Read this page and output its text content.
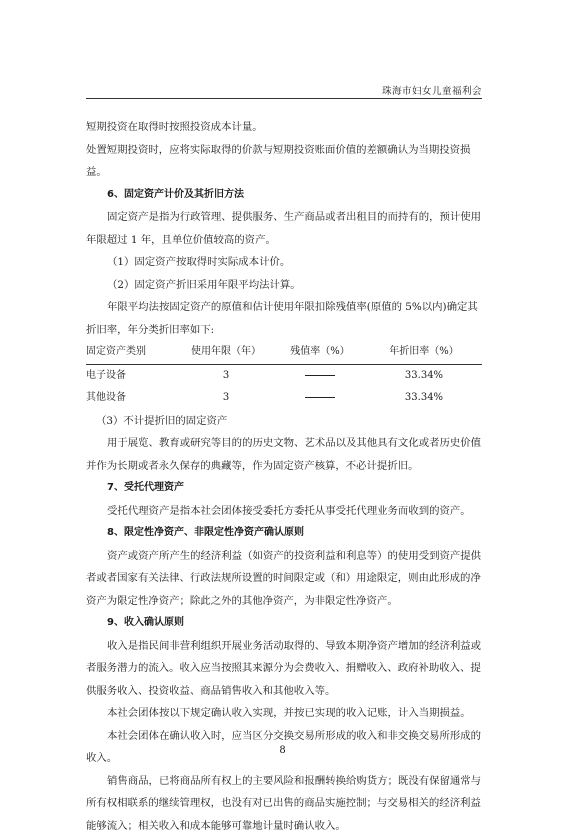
珠海市妇女儿童福利会

短期投资在取得时按照投资成本计量。

处置短期投资时，应将实际取得的价款与短期投资账面价值的差额确认为当期投资损益。

6、固定资产计价及其折旧方法

固定资产是指为行政管理、提供服务、生产商品或者出租目的而持有的，预计使用年限超过 1 年，且单位价值较高的资产。

（1）固定资产按取得时实际成本计价。

（2）固定资产折旧采用年限平均法计算。

年限平均法按固定资产的原值和估计使用年限扣除残值率(原值的 5%以内)确定其折旧率，年分类折旧率如下:

固定资产类别	使用年限（年）	残值率（%）	年折旧率（%）
电子设备	3		33.34%
其他设备	3		33.34%

（3）不计提折旧的固定资产

用于展览、教育或研究等目的的历史文物、艺术品以及其他具有文化或者历史价值并作为长期或者永久保存的典藏等，作为固定资产核算，不必计提折旧。

7、受托代理资产

受托代理资产是指本社会团体接受委托方委托从事受托代理业务而收到的资产。

8、限定性净资产、非限定性净资产确认原则

资产或资产所产生的经济利益（如资产的投资利益和利息等）的使用受到资产提供者或者国家有关法律、行政法规所设置的时间限定或（和）用途限定，则由此形成的净资产为限定性净资产；除此之外的其他净资产，为非限定性净资产。

9、收入确认原则

收入是指民间非营利组织开展业务活动取得的、导致本期净资产增加的经济利益或者服务潜力的流入。收入应当按照其来源分为会费收入、捐赠收入、政府补助收入、提供服务收入、投资收益、商品销售收入和其他收入等。

本社会团体按以下规定确认收入实现，并按已实现的收入记账，计入当期损益。

本社会团体在确认收入时，应当区分交换交易所形成的收入和非交换交易所形成的收入。

销售商品，已将商品所有权上的主要风险和报酬转换给购货方；既没有保留通常与所有权相联系的继续管理权，也没有对已出售的商品实施控制；与交易相关的经济利益能够流入；相关收入和成本能够可靠地计量时确认收入。

8
